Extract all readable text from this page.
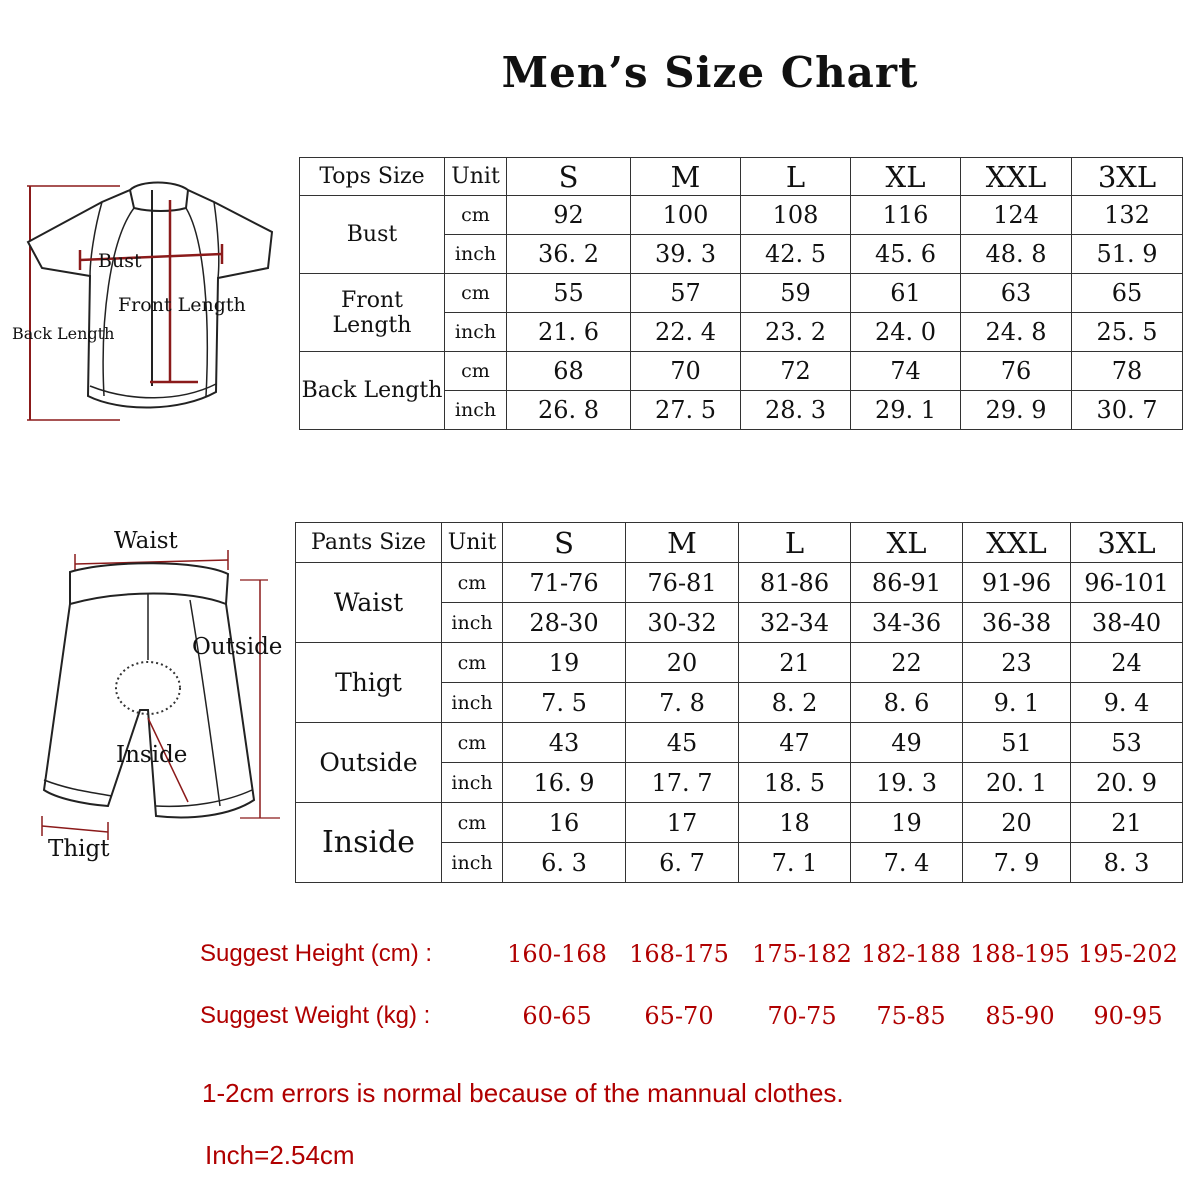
Men’s Size Chart
Bust
Front Length
Back Length
Waist
Outside
Inside
Thigt
Tops Size	Unit	S	M	L	XL	XXL	3XL
Bust	cm	92	100	108	116	124	132
	inch	36. 2	39. 3	42. 5	45. 6	48. 8	51. 9
Front Length	cm	55	57	59	61	63	65
	inch	21. 6	22. 4	23. 2	24. 0	24. 8	25. 5
Back Length	cm	68	70	72	74	76	78
	inch	26. 8	27. 5	28. 3	29. 1	29. 9	30. 7
Pants Size	Unit	S	M	L	XL	XXL	3XL
Waist	cm	71-76	76-81	81-86	86-91	91-96	96-101
	inch	28-30	30-32	32-34	34-36	36-38	38-40
Thigt	cm	19	20	21	22	23	24
	inch	7. 5	7. 8	8. 2	8. 6	9. 1	9. 4
Outside	cm	43	45	47	49	51	53
	inch	16. 9	17. 7	18. 5	19. 3	20. 1	20. 9
Inside	cm	16	17	18	19	20	21
	inch	6. 3	6. 7	7. 1	7. 4	7. 9	8. 3
Suggest Height (cm) :	160-168 168-175 175-182 182-188 188-195 195-202
Suggest Weight (kg) :	60-65	65-70	70-75	75-85	85-90	90-95
1-2cm errors is normal because of the mannual clothes.
Inch=2.54cm
